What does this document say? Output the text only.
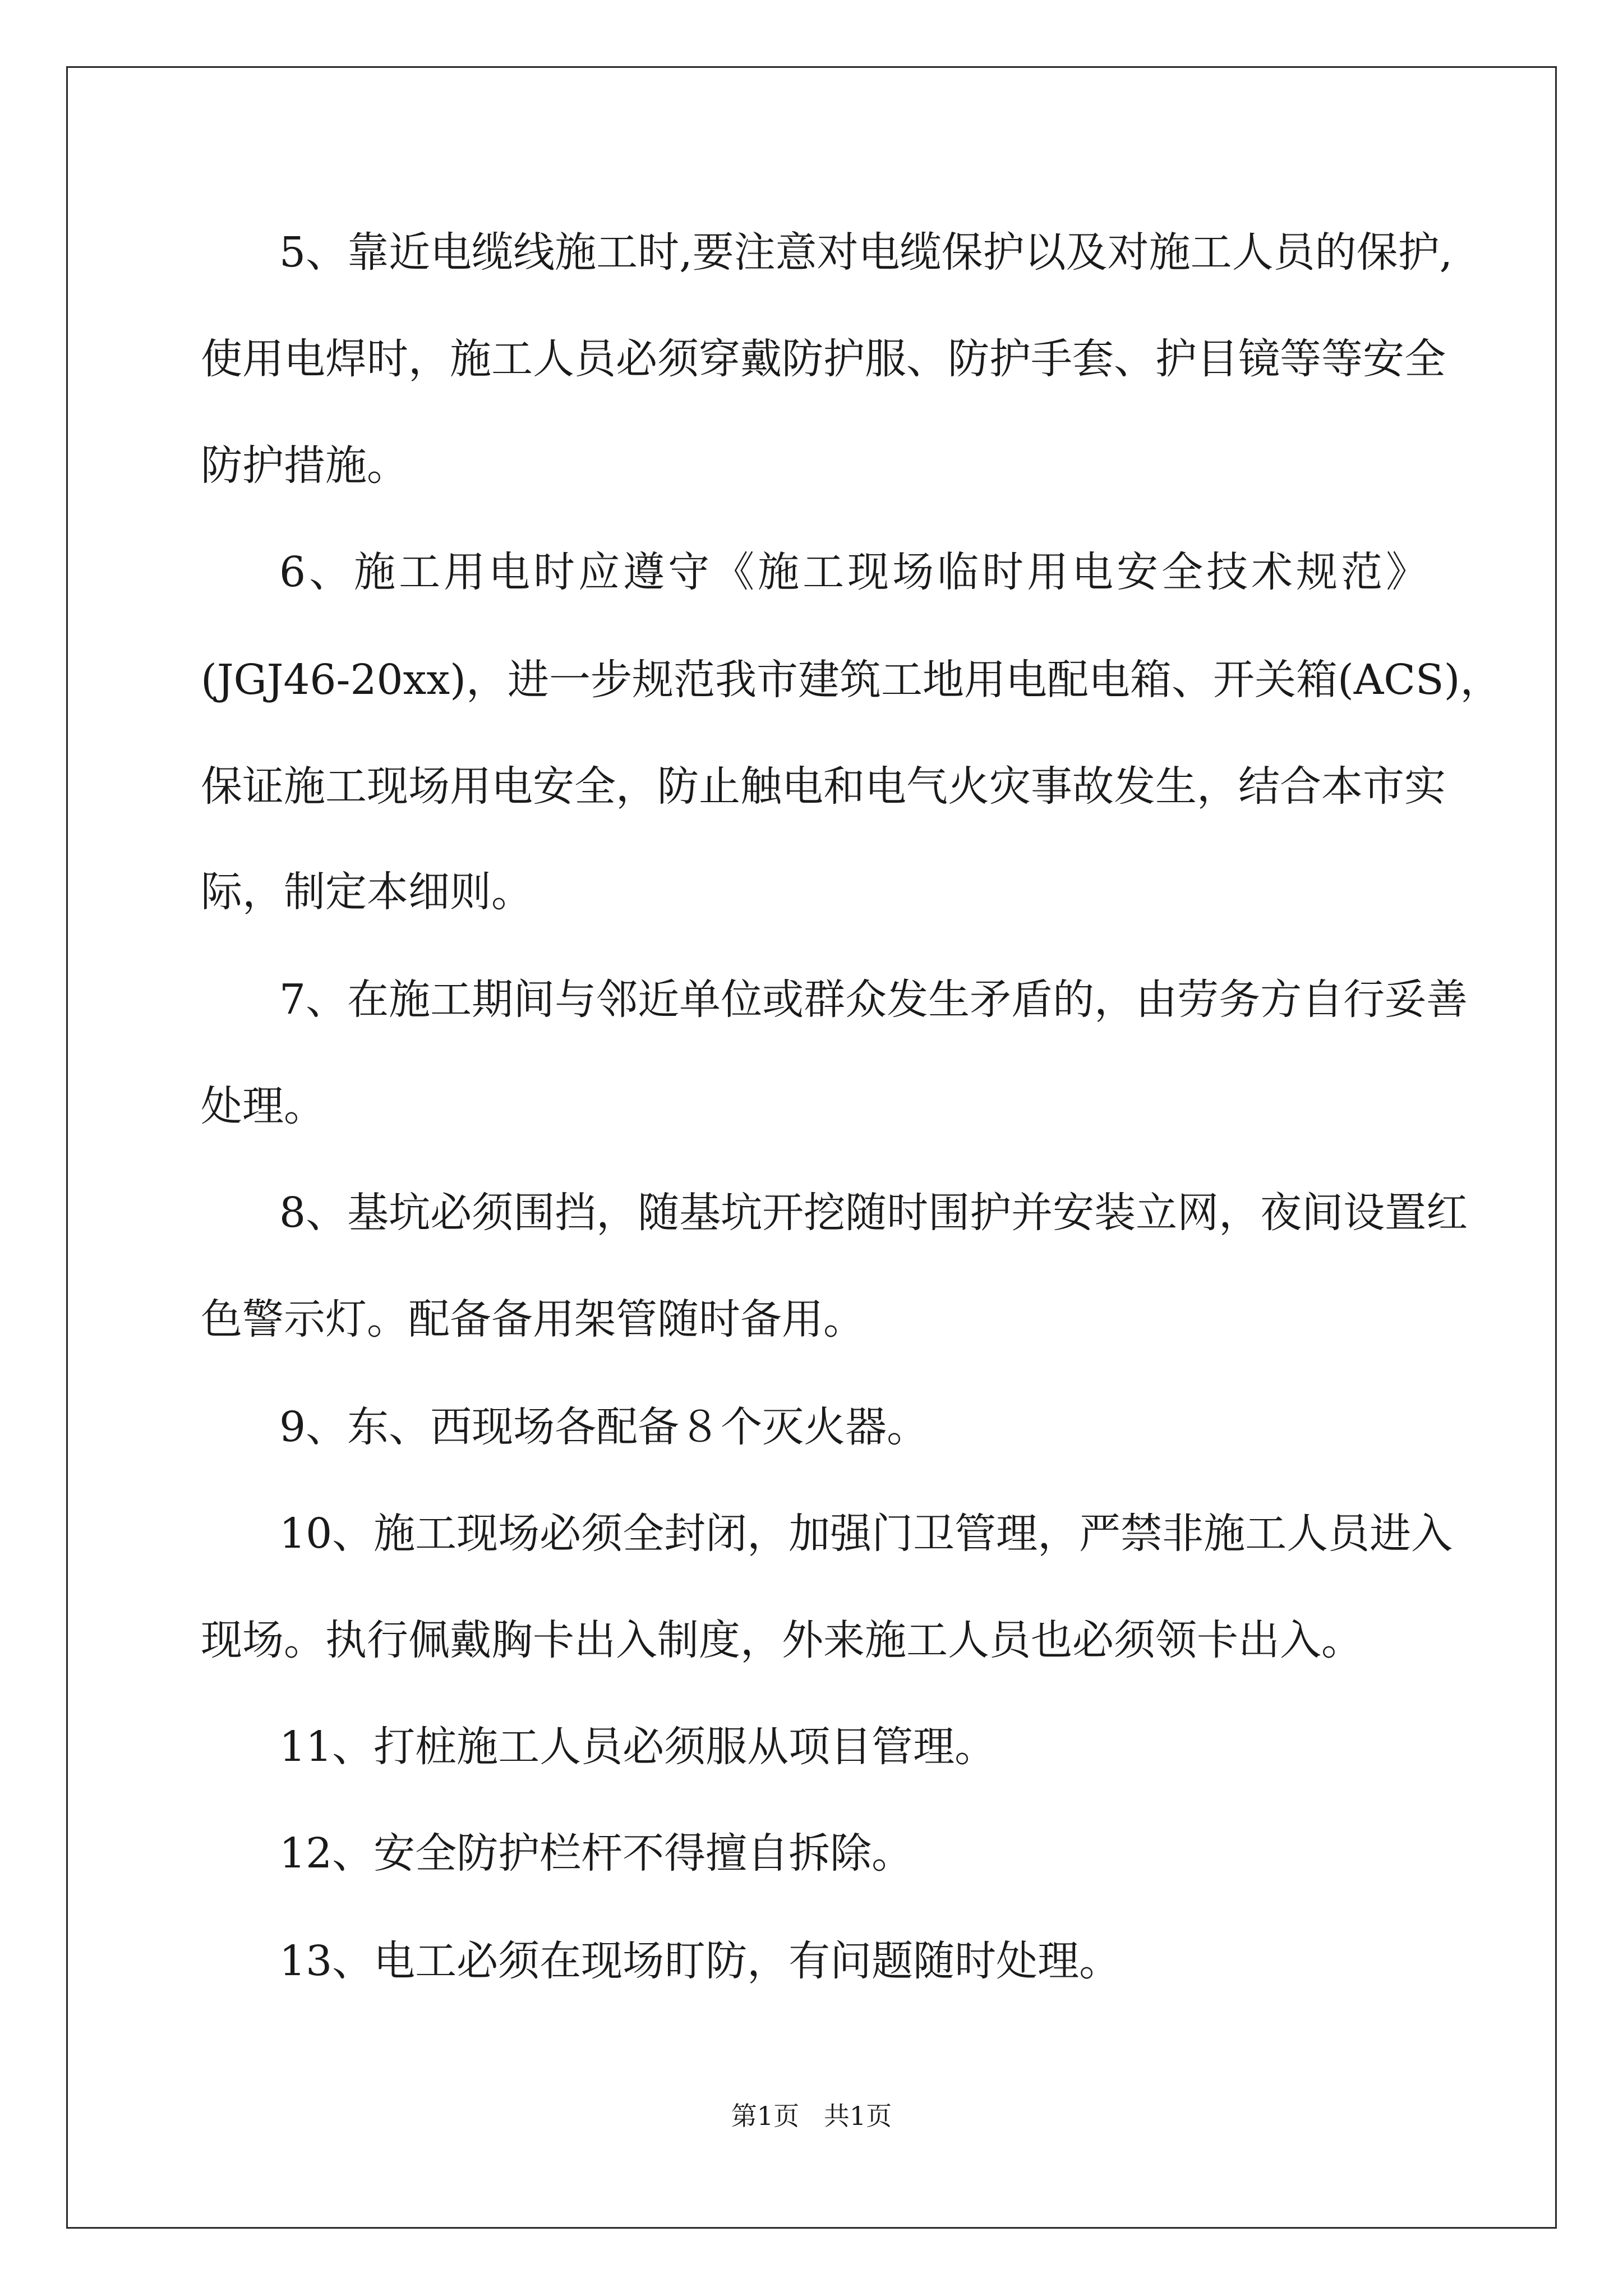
5、靠近电缆线施工时,要注意对电缆保护以及对施工人员的保护,
使用电焊时，施工人员必须穿戴防护服、防护手套、护目镜等等安全
防护措施。
6、施工用电时应遵守《施工现场临时用电安全技术规范》
(JGJ46-20xx)，进一步规范我市建筑工地用电配电箱、开关箱(ACS)，
保证施工现场用电安全，防止触电和电气火灾事故发生，结合本市实
际，制定本细则。
7、在施工期间与邻近单位或群众发生矛盾的，由劳务方自行妥善
处理。
8、基坑必须围挡，随基坑开挖随时围护并安装立网，夜间设置红
色警示灯。配备备用架管随时备用。
9、东、西现场各配备８个灭火器。
10、施工现场必须全封闭，加强门卫管理，严禁非施工人员进入
现场。执行佩戴胸卡出入制度，外来施工人员也必须领卡出入。
11、打桩施工人员必须服从项目管理。
12、安全防护栏杆不得擅自拆除。
13、电工必须在现场盯防，有问题随时处理。
第1页   共1页
